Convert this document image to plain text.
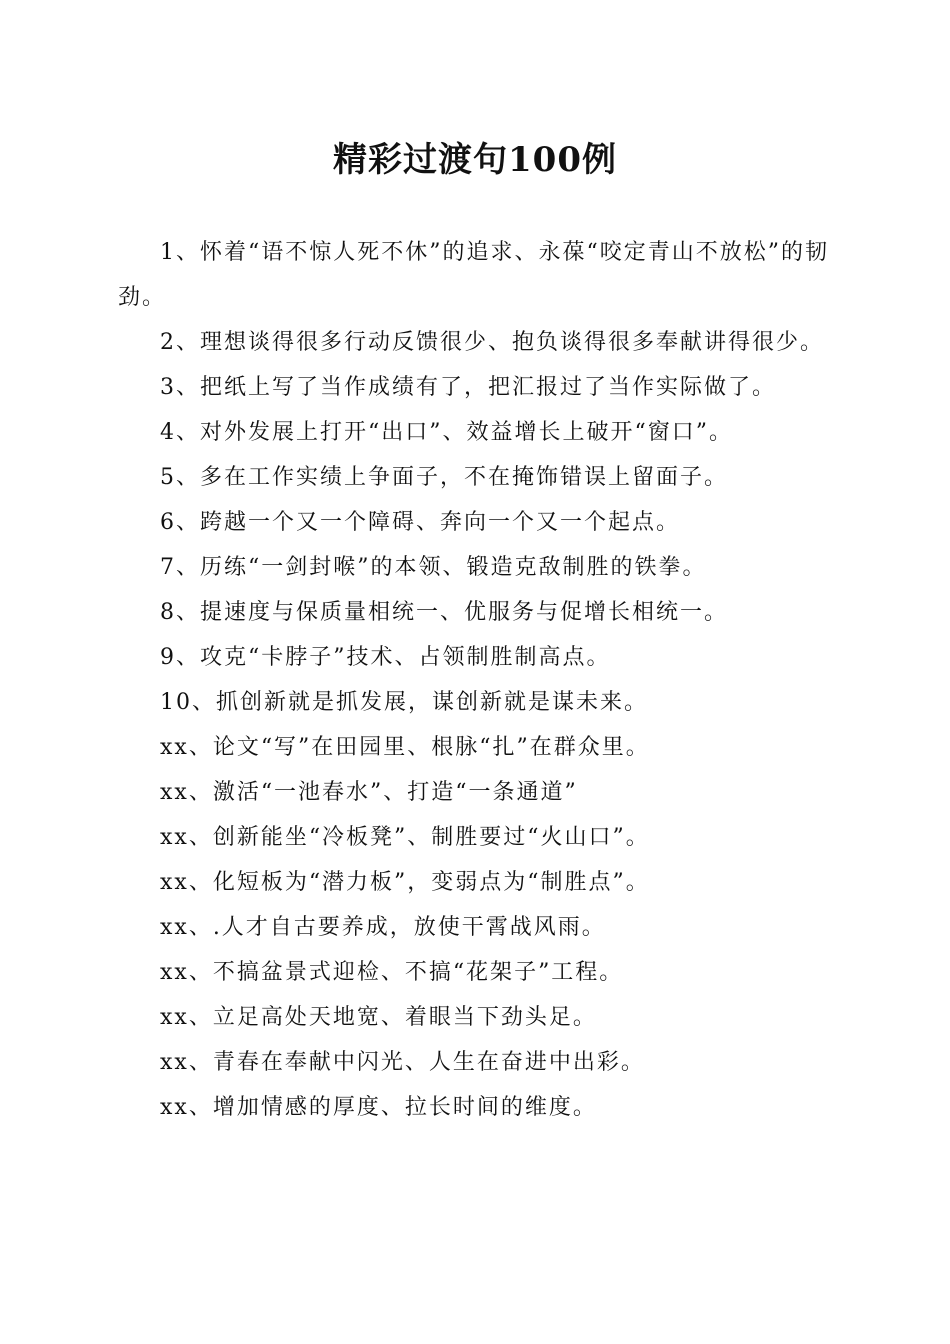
精彩过渡句100例

1、怀着“语不惊人死不休”的追求、永葆“咬定青山不放松”的韧劲。

2、理想谈得很多行动反馈很少、抱负谈得很多奉献讲得很少。

3、把纸上写了当作成绩有了，把汇报过了当作实际做了。

4、对外发展上打开“出口”、效益增长上破开“窗口”。

5、多在工作实绩上争面子，不在掩饰错误上留面子。

6、跨越一个又一个障碍、奔向一个又一个起点。

7、历练“一剑封喉”的本领、锻造克敌制胜的铁拳。

8、提速度与保质量相统一、优服务与促增长相统一。

9、攻克“卡脖子”技术、占领制胜制高点。

10、抓创新就是抓发展，谋创新就是谋未来。

xx、论文“写”在田园里、根脉“扎”在群众里。

xx、激活“一池春水”、打造“一条通道”

xx、创新能坐“冷板凳”、制胜要过“火山口”。

xx、化短板为“潜力板”，变弱点为“制胜点”。

xx、.人才自古要养成，放使干霄战风雨。

xx、不搞盆景式迎检、不搞“花架子”工程。

xx、立足高处天地宽、着眼当下劲头足。

xx、青春在奉献中闪光、人生在奋进中出彩。

xx、增加情感的厚度、拉长时间的维度。
